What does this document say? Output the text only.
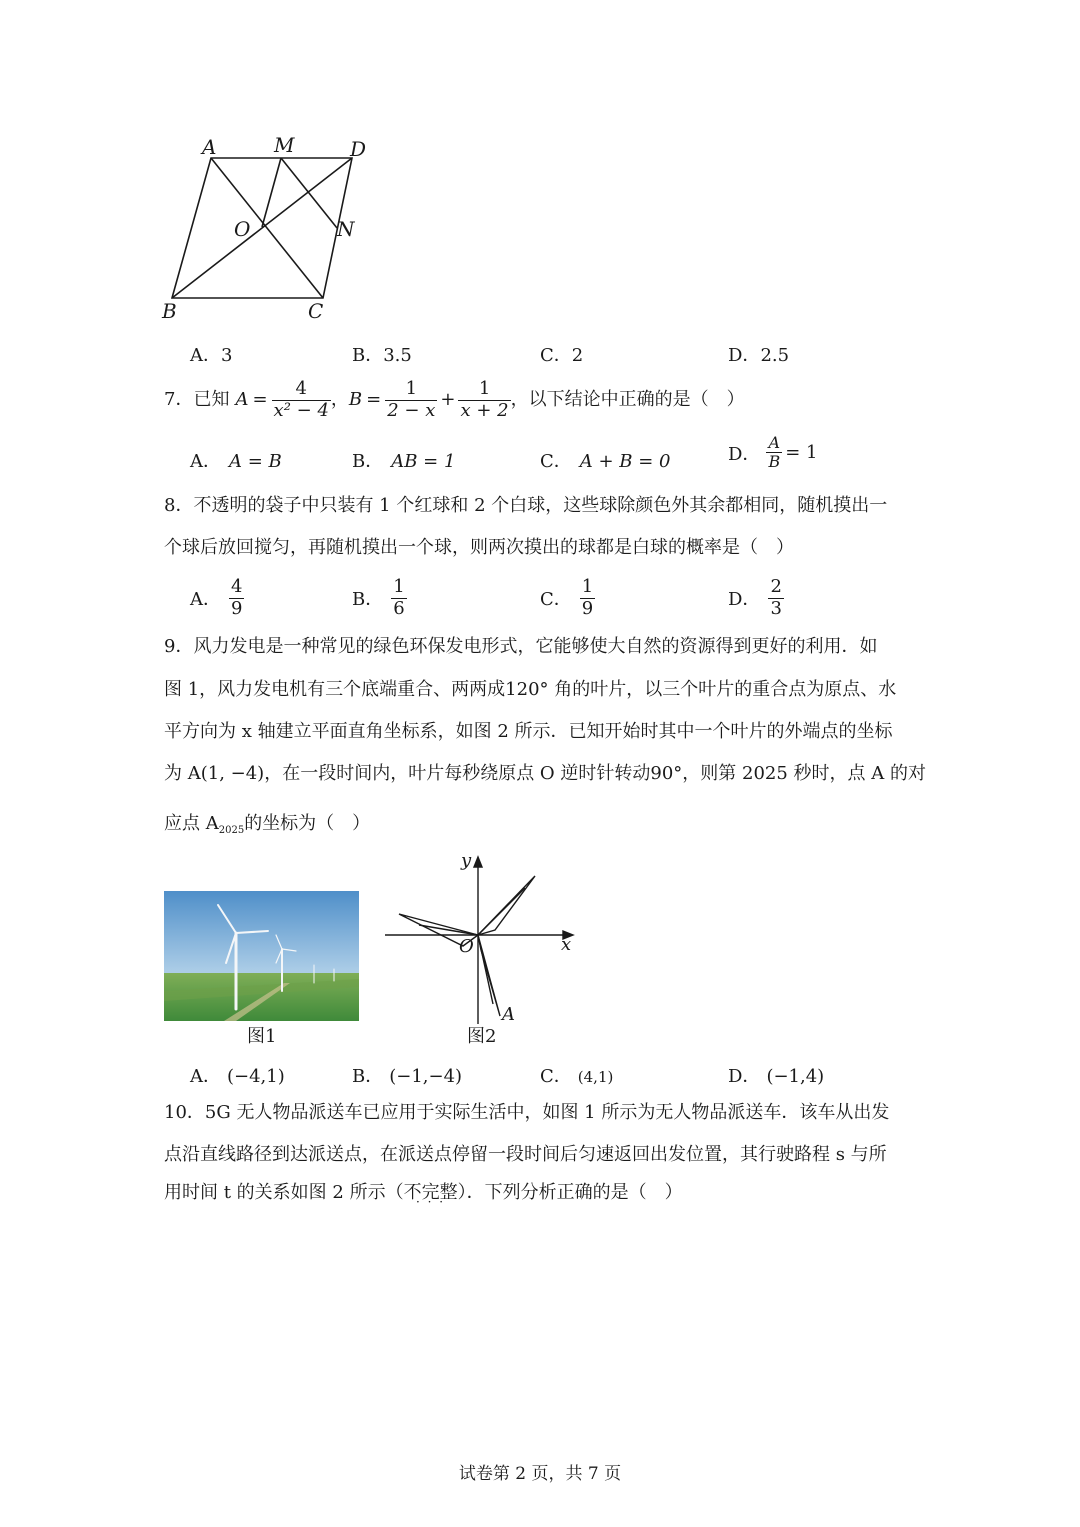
A	M	D
O	N
B	C
A．3	B．3.5	C．2	D．2.5
7． 已知 $A = \frac{4}{\text{x² − 4}}$ ， $B = \frac{1}{2 - x} + \frac{1}{x + 2}$ ，以下结论中正确的是（　）
A． A = B	B． AB = 1	C． A + B = 0	D． $\frac{A}{B} = 1$
8．不透明的袋子中只装有 1 个红球和 2 个白球，这些球除颜色外其余都相同，随机摸出一
个球后放回搅匀，再随机摸出一个球，则两次摸出的球都是白球的概率是（　）
A． $\frac{4}{9}$	B． $\frac{1}{6}$	C． $\frac{1}{9}$	D． $\frac{2}{3}$
9．风力发电是一种常见的绿色环保发电形式，它能够使大自然的资源得到更好的利用．如
图 1，风力发电机有三个底端重合、两两成120° 角的叶片，以三个叶片的重合点为原点、水
平方向为 x 轴建立平面直角坐标系，如图 2 所示．已知开始时其中一个叶片的外端点的坐标
为 A(1, −4)，在一段时间内，叶片每秒绕原点 O 逆时针转动90°，则第 2025 秒时，点 A 的对
应点 $A_{2025}$的坐标为（　）
图1
y
x
O
A
图2
A． (−4,1)	B． (−1,−4)	C． (4,1)	D． (−1,4)
10．5G 无人物品派送车已应用于实际生活中，如图 1 所示为无人物品派送车．该车从出发
点沿直线路径到达派送点，在派送点停留一段时间后匀速返回出发位置，其行驶路程 s 与所
用时间 t 的关系如图 2 所示（不完整 · · ·）．下列分析正确的是（　）
试卷第 2 页，共 7 页
